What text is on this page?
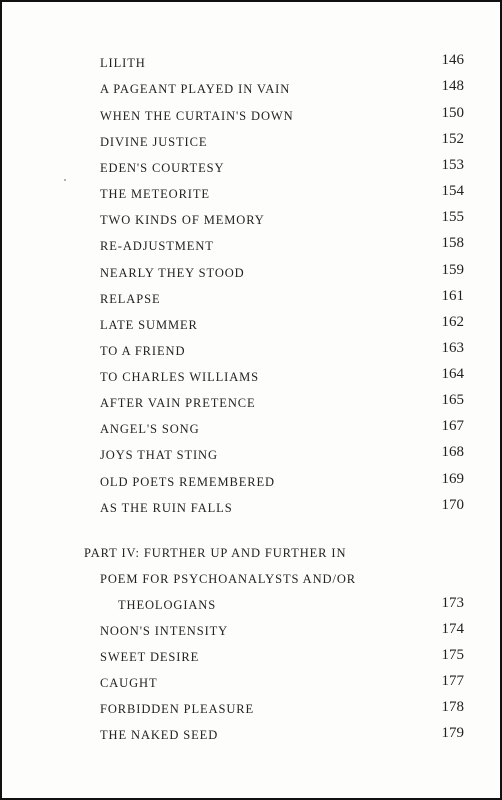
LILITH	146
A PAGEANT PLAYED IN VAIN	148
WHEN THE CURTAIN'S DOWN	150
DIVINE JUSTICE	152
EDEN'S COURTESY	153
THE METEORITE	154
TWO KINDS OF MEMORY	155
RE-ADJUSTMENT	158
NEARLY THEY STOOD	159
RELAPSE	161
LATE SUMMER	162
TO A FRIEND	163
TO CHARLES WILLIAMS	164
AFTER VAIN PRETENCE	165
ANGEL'S SONG	167
JOYS THAT STING	168
OLD POETS REMEMBERED	169
AS THE RUIN FALLS	170
PART IV: FURTHER UP AND FURTHER IN
POEM FOR PSYCHOANALYSTS AND/OR
THEOLOGIANS	173
NOON'S INTENSITY	174
SWEET DESIRE	175
CAUGHT	177
FORBIDDEN PLEASURE	178
THE NAKED SEED	179
